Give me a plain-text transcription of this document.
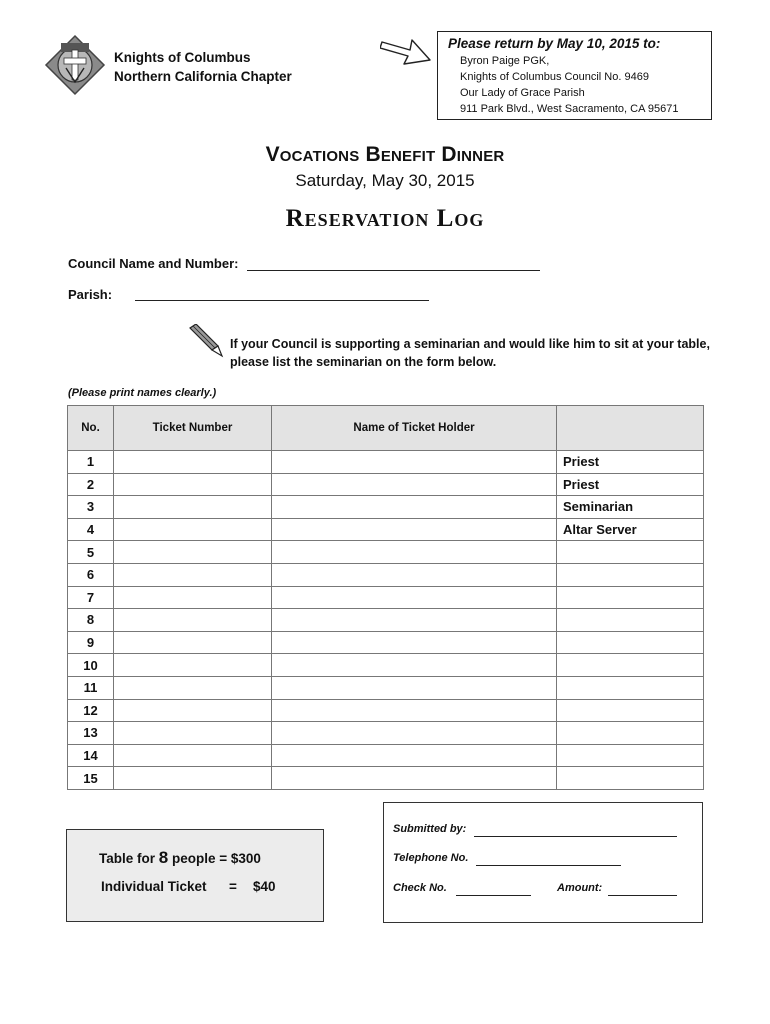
Knights of Columbus
Northern California Chapter
Please return by May 10, 2015 to:
Byron Paige PGK,
Knights of Columbus Council No. 9469
Our Lady of Grace Parish
911 Park Blvd., West Sacramento, CA 95671
Vocations Benefit Dinner
Saturday, May 30, 2015
Reservation Log
Council Name and Number:
Parish:
If your Council is supporting a seminarian and would like him to sit at your table, please list the seminarian on the form below.
(Please print names clearly.)
No.	Ticket Number	Name of Ticket Holder	
1			Priest
2			Priest
3			Seminarian
4			Altar Server
5			
6			
7			
8			
9			
10			
11			
12			
13			
14			
15			
Table for 8 people = $300
Individual Ticket = $40
Submitted by:
Telephone No.
Check No.	Amount:
